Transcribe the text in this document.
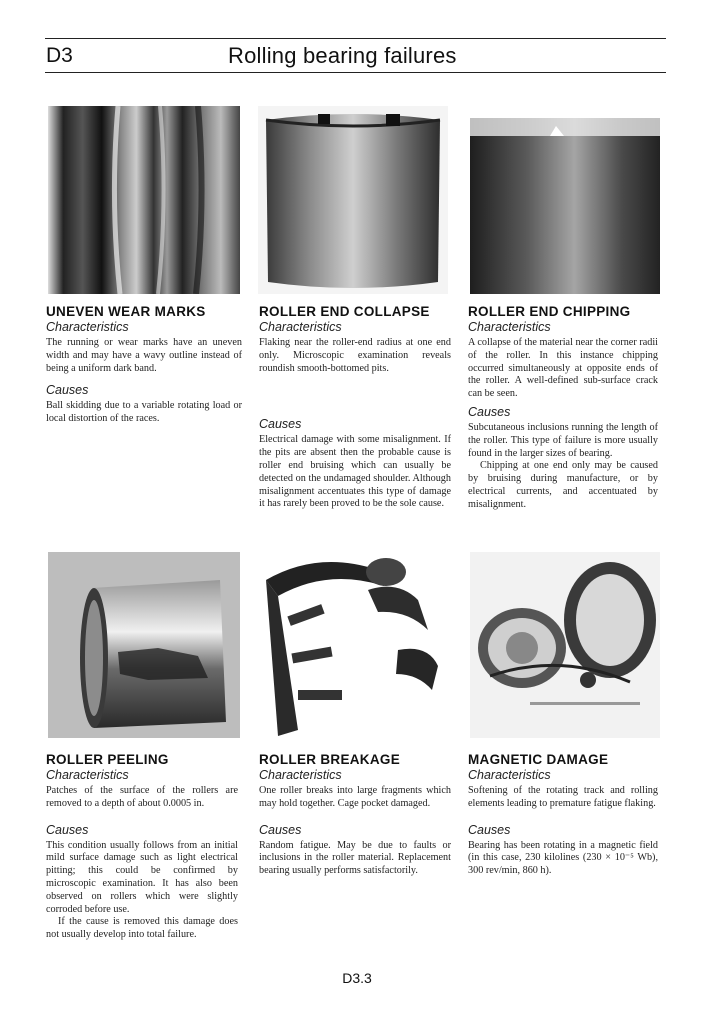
D3	Rolling bearing failures
UNEVEN WEAR MARKS
Characteristics

The running or wear marks have an uneven width and may have a wavy outline instead of being a uniform dark band.

Causes

Ball skidding due to a variable rotating load or local distortion of the races.

ROLLER END COLLAPSE
Characteristics

Flaking near the roller-end radius at one end only. Microscopic examination reveals roundish smooth-bottomed pits.

Causes

Electrical damage with some misalignment. If the pits are absent then the probable cause is roller end bruising which can usually be detected on the undamaged shoulder. Although misalignment accentuates this type of damage it has rarely been proved to be the sole cause.

ROLLER END CHIPPING
Characteristics

A collapse of the material near the corner radii of the roller. In this instance chipping occurred simultaneously at opposite ends of the roller. A well-defined sub-surface crack can be seen.

Causes

Subcutaneous inclusions running the length of the roller. This type of failure is more usually found in the larger sizes of bearing.

Chipping at one end only may be caused by bruising during manufacture, or by electrical currents, and accentuated by misalignment.

ROLLER PEELING
Characteristics

Patches of the surface of the rollers are removed to a depth of about 0.0005 in.

Causes

This condition usually follows from an initial mild surface damage such as light electrical pitting; this could be confirmed by microscopic examination. It has also been observed on rollers which were slightly corroded before use.

If the cause is removed this damage does not usually develop into total failure.

ROLLER BREAKAGE
Characteristics

One roller breaks into large fragments which may hold together. Cage pocket damaged.

Causes

Random fatigue. May be due to faults or inclusions in the roller material. Replacement bearing usually performs satisfactorily.

MAGNETIC DAMAGE
Characteristics

Softening of the rotating track and rolling elements leading to premature fatigue flaking.

Causes

Bearing has been rotating in a magnetic field (in this case, 230 kilolines (230 × 10⁻⁵ Wb), 300 rev/min, 860 h).

D3.3
